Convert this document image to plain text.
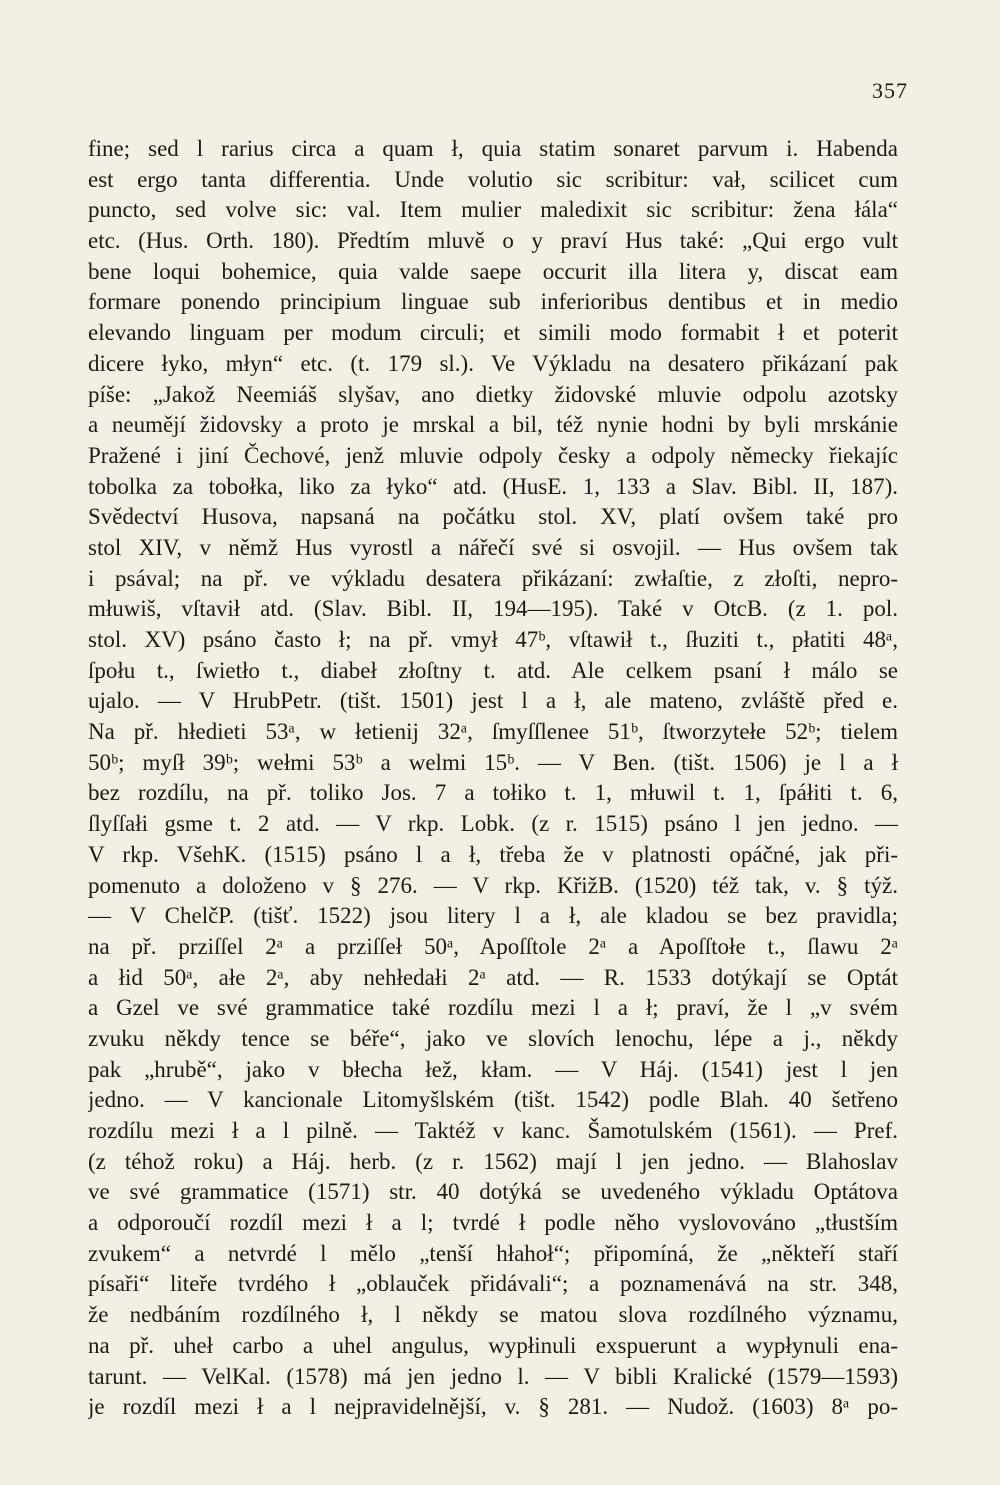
357
fine; sed l rarius circa a quam ł, quia statim sonaret parvum i. Habenda
est ergo tanta differentia. Unde volutio sic scribitur: vał, scilicet cum
puncto, sed volve sic: val. Item mulier maledixit sic scribitur: žena łála“
etc. (Hus. Orth. 180). Předtím mluvě o y praví Hus také: „Qui ergo vult
bene loqui bohemice, quia valde saepe occurit illa litera y, discat eam
formare ponendo principium linguae sub inferioribus dentibus et in medio
elevando linguam per modum circuli; et simili modo formabit ł et poterit
dicere łyko, młyn“ etc. (t. 179 sl.). Ve Výkladu na desatero přikázaní pak
píše: „Jakož Neemiáš slyšav, ano dietky židovské mluvie odpolu azotsky
a neumějí židovsky a proto je mrskal a bil, též nynie hodni by byli mrskánie
Pražené i jiní Čechové, jenž mluvie odpoly česky a odpoly německy řiekajíc
tobolka za tobołka, liko za łyko“ atd. (HusE. 1, 133 a Slav. Bibl. II, 187).
Svědectví Husova, napsaná na počátku stol. XV, platí ovšem také pro
stol XIV, v němž Hus vyrostl a nářečí své si osvojil. — Hus ovšem tak
i psával; na př. ve výkladu desatera přikázaní: zwłaſtie, z złoſti, nepro-
młuwiš, vſtavił atd. (Slav. Bibl. II, 194—195). Také v OtcB. (z 1. pol.
stol. XV) psáno často ł; na př. vmył 47ᵇ, vſtawił t., ſłuziti t., płatiti 48ᵃ,
ſpołu t., ſwietło t., diabeł złoſtny t. atd. Ale celkem psaní ł málo se
ujalo. — V HrubPetr. (tišt. 1501) jest l a ł, ale mateno, zvláště před e.
Na př. hłedieti 53ᵃ, w łetienij 32ᵃ, ſmyſſlenee 51ᵇ, ſtworzytełe 52ᵇ; tielem
50ᵇ; myſł 39ᵇ; wełmi 53ᵇ a welmi 15ᵇ. — V Ben. (tišt. 1506) je l a ł
bez rozdílu, na př. toliko Jos. 7 a tołiko t. 1, młuwil t. 1, ſpáłiti t. 6,
ſlyſſałi gsme t. 2 atd. — V rkp. Lobk. (z r. 1515) psáno l jen jedno. —
V rkp. VšehK. (1515) psáno l a ł, třeba že v platnosti opáčné, jak při-
pomenuto a doloženo v § 276. — V rkp. KřižB. (1520) též tak, v. § týž.
— V ChelčP. (tišť. 1522) jsou litery l a ł, ale kladou se bez pravidla;
na př. prziſſel 2ᵃ a prziſſeł 50ᵃ, Apoſſtole 2ᵃ a Apoſſtołe t., ſlawu 2ᵃ
a łid 50ᵃ, ałe 2ᵃ, aby nehłedałi 2ᵃ atd. — R. 1533 dotýkají se Optát
a Gzel ve své grammatice také rozdílu mezi l a ł; praví, že l „v svém
zvuku někdy tence se béře“, jako ve slovích lenochu, lépe a j., někdy
pak „hrubě“, jako v błecha łež, kłam. — V Háj. (1541) jest l jen
jedno. — V kancionale Litomyšlském (tišt. 1542) podle Blah. 40 šetřeno
rozdílu mezi ł a l pilně. — Taktéž v kanc. Šamotulském (1561). — Pref.
(z téhož roku) a Háj. herb. (z r. 1562) mají l jen jedno. — Blahoslav
ve své grammatice (1571) str. 40 dotýká se uvedeného výkladu Optátova
a odporoučí rozdíl mezi ł a l; tvrdé ł podle něho vyslovováno „tłustším
zvukem“ a netvrdé l mělo „tenší hłahoł“; připomíná, že „někteří staří
písaři“ liteře tvrdého ł „oblauček přidávali“; a poznamenává na str. 348,
že nedbáním rozdílného ł, l někdy se matou slova rozdílného významu,
na př. uheł carbo a uhel angulus, wypłinuli exspuerunt a wypłynuli ena-
tarunt. — VelKal. (1578) má jen jedno l. — V bibli Kralické (1579—1593)
je rozdíl mezi ł a l nejpravidelnější, v. § 281. — Nudož. (1603) 8ᵃ po-
